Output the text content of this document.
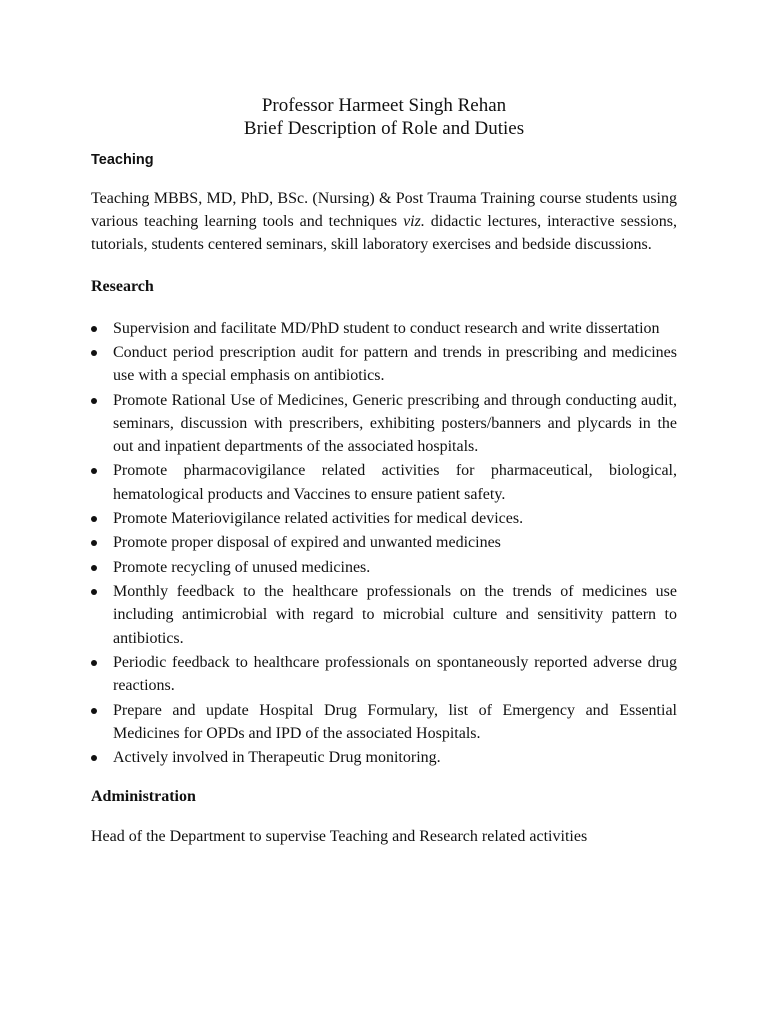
Professor Harmeet Singh Rehan
Brief Description of Role and Duties
Teaching

Teaching MBBS, MD, PhD, BSc. (Nursing) & Post Trauma Training course students using various teaching learning tools and techniques viz. didactic lectures, interactive sessions, tutorials, students centered seminars, skill laboratory exercises and bedside discussions.

Research
Supervision and facilitate MD/PhD student to conduct research and write dissertation
Conduct period prescription audit for pattern and trends in prescribing and medicines use with a special emphasis on antibiotics.
Promote Rational Use of Medicines, Generic prescribing and through conducting audit, seminars, discussion with prescribers, exhibiting posters/banners and plycards in the out and inpatient departments of the associated hospitals.
Promote pharmacovigilance related activities for pharmaceutical, biological, hematological products and Vaccines to ensure patient safety.
Promote Materiovigilance related activities for medical devices.
Promote proper disposal of expired and unwanted medicines
Promote recycling of unused medicines.
Monthly feedback to the healthcare professionals on the trends of medicines use including antimicrobial with regard to microbial culture and sensitivity pattern to antibiotics.
Periodic feedback to healthcare professionals on spontaneously reported adverse drug reactions.
Prepare and update Hospital Drug Formulary, list of Emergency and Essential Medicines for OPDs and IPD of the associated Hospitals.
Actively involved in Therapeutic Drug monitoring.
Administration

Head of the Department to supervise Teaching and Research related activities
